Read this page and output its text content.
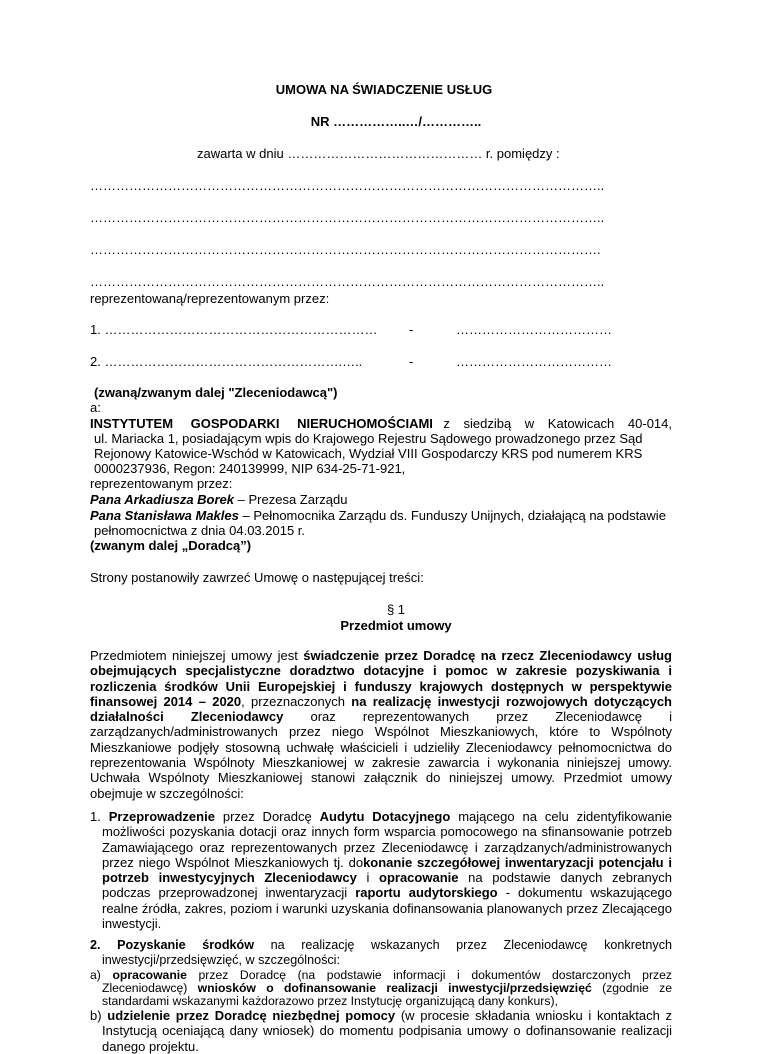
UMOWA NA ŚWIADCZENIE USŁUG
NR ……………..…/…………..
zawarta w dniu ……………………………………… r. pomiędzy :
………………………………………………………………………………………………………..
………………………………………………………………………………………………………..
……………………………………………………………………………………………………….
………………………………………………………………………………………………………..
reprezentowaną/reprezentowanym przez:
1. ……………………………………………………… -	………………………………
2. ……………………………………………….…..	-	………………………………
(zwaną/zwanym dalej "Zleceniodawcą")
a:
INSTYTUTEM GOSPODARKI NIERUCHOMOŚCIAMI z siedzibą w Katowicach 40-014,
ul. Mariacka 1, posiadającym wpis do Krajowego Rejestru Sądowego prowadzonego przez Sąd
Rejonowy Katowice-Wschód w Katowicach, Wydział VIII Gospodarczy KRS pod numerem KRS
0000237936, Regon: 240139999, NIP 634-25-71-921,
reprezentowanym przez:
Pana Arkadiusza Borek – Prezesa Zarządu
Pana Stanisława Makles – Pełnomocnika Zarządu ds. Funduszy Unijnych, działającą na podstawie
pełnomocnictwa z dnia 04.03.2015 r.
(zwanym dalej „Doradcą”)
Strony postanowiły zawrzeć Umowę o następującej treści:
§ 1
Przedmiot umowy

Przedmiotem niniejszej umowy jest świadczenie przez Doradcę na rzecz Zleceniodawcy usług obejmujących specjalistyczne doradztwo dotacyjne i pomoc w zakresie pozyskiwania i rozliczenia środków Unii Europejskiej i funduszy krajowych dostępnych w perspektywie finansowej 2014 – 2020, przeznaczonych na realizację inwestycji rozwojowych dotyczących działalności Zleceniodawcy oraz reprezentowanych przez Zleceniodawcę i zarządzanych/administrowanych przez niego Wspólnot Mieszkaniowych, które to Wspólnoty Mieszkaniowe podjęły stosowną uchwałę właścicieli i udzieliły Zleceniodawcy pełnomocnictwa do reprezentowania Wspólnoty Mieszkaniowej w zakresie zawarcia i wykonania niniejszej umowy. Uchwała Wspólnoty Mieszkaniowej stanowi załącznik do niniejszej umowy. Przedmiot umowy obejmuje w szczególności:

1. Przeprowadzenie przez Doradcę Audytu Dotacyjnego mającego na celu zidentyfikowanie możliwości pozyskania dotacji oraz innych form wsparcia pomocowego na sfinansowanie potrzeb Zamawiającego oraz reprezentowanych przez Zleceniodawcę i zarządzanych/administrowanych przez niego Wspólnot Mieszkaniowych tj. dokonanie szczegółowej inwentaryzacji potencjału i potrzeb inwestycyjnych Zleceniodawcy i opracowanie na podstawie danych zebranych podczas przeprowadzonej inwentaryzacji raportu audytorskiego - dokumentu wskazującego realne źródła, zakres, poziom i warunki uzyskania dofinansowania planowanych przez Zlecającego inwestycji.

2. Pozyskanie środków na realizację wskazanych przez Zleceniodawcę konkretnych inwestycji/przedsięwzięć, w szczególności:

a) opracowanie przez Doradcę (na podstawie informacji i dokumentów dostarczonych przez Zleceniodawcę) wniosków o dofinansowanie realizacji inwestycji/przedsięwzięć (zgodnie ze standardami wskazanymi każdorazowo przez Instytucję organizującą dany konkurs),

b) udzielenie przez Doradcę niezbędnej pomocy (w procesie składania wniosku i kontaktach z Instytucją oceniającą dany wniosek) do momentu podpisania umowy o dofinansowanie realizacji danego projektu.
